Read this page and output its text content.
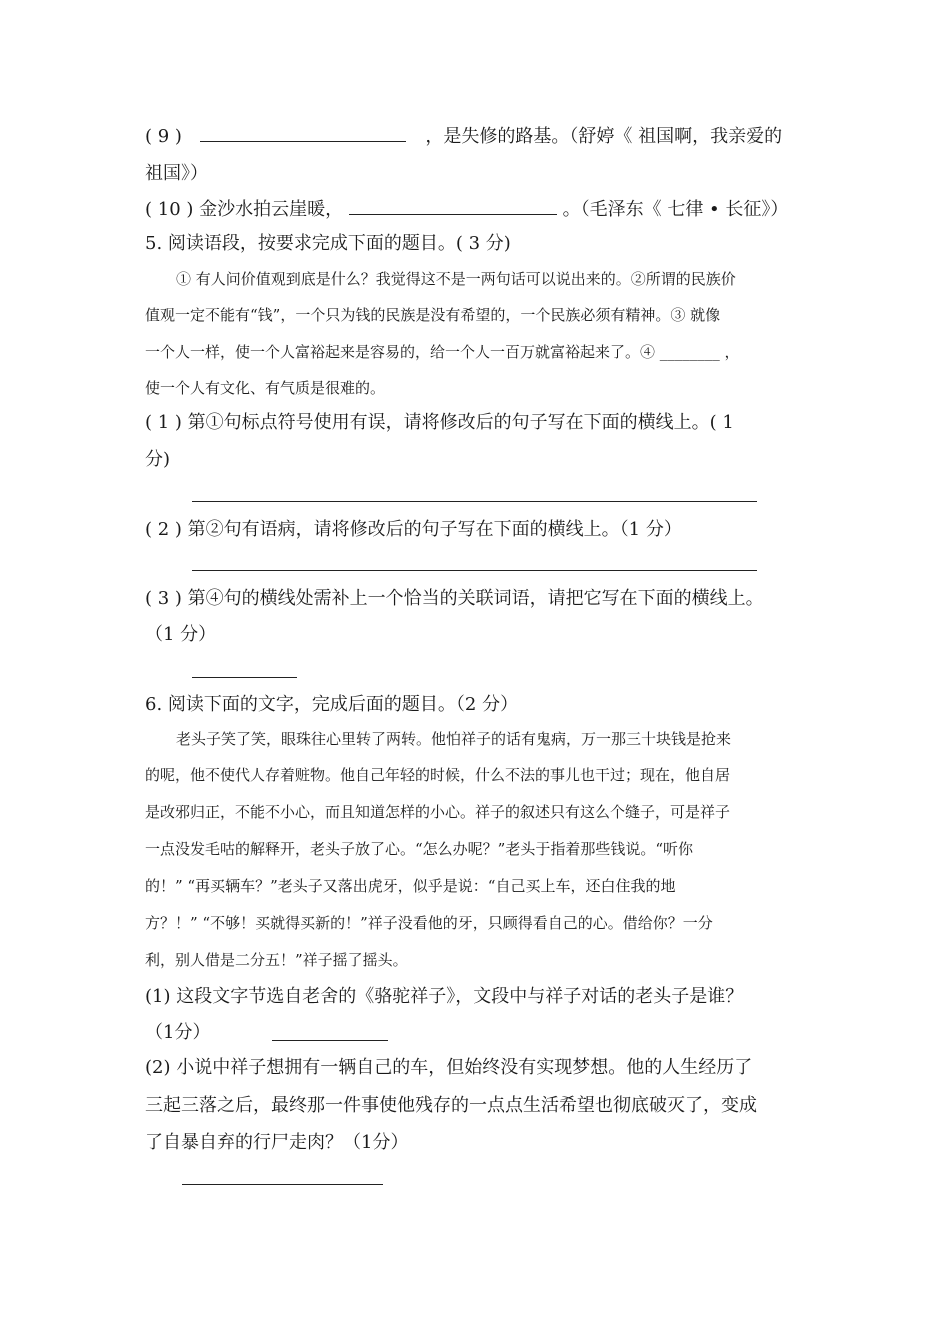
( 9 )	，是失修的路基。（舒婷《 祖国啊，我亲爱的
祖国》）
( 10 ) 金沙水拍云崖暖，	。（毛泽东《 七律 • 长征》）
5. 阅读语段，按要求完成下面的题目。( 3 分)
① 有人问价值观到底是什么？我觉得这不是一两句话可以说出来的。②所谓的民族价
值观一定不能有“钱”，一个只为钱的民族是没有希望的，一个民族必须有精神。③ 就像
一个人一样，使一个人富裕起来是容易的，给一个人一百万就富裕起来了。④ ________ ，
使一个人有文化、有气质是很难的。
( 1 ) 第①句标点符号使用有误，请将修改后的句子写在下面的横线上。( 1
分)
( 2 ) 第②句有语病，请将修改后的句子写在下面的横线上。（1 分）
( 3 ) 第④句的横线处需补上一个恰当的关联词语，请把它写在下面的横线上。
（1 分）
6. 阅读下面的文字，完成后面的题目。（2 分）
老头子笑了笑，眼珠往心里转了两转。他怕祥子的话有鬼病，万一那三十块钱是抢来
的呢，他不使代人存着赃物。他自己年轻的时候，什么不法的事儿也干过；现在，他自居
是改邪归正，不能不小心，而且知道怎样的小心。祥子的叙述只有这么个缝子，可是祥子
一点没发毛咕的解释开，老头子放了心。“怎么办呢？”老头于指着那些钱说。“听你
的！” “再买辆车？”老头子又落出虎牙，似乎是说：“自己买上车，还白住我的地
方？！” “不够！买就得买新的！”祥子没看他的牙，只顾得看自己的心。借给你？一分
利，别人借是二分五！”祥子摇了摇头。
(1) 这段文字节选自老舍的《骆驼祥子》，文段中与祥子对话的老头子是谁？
（1分）
(2) 小说中祥子想拥有一辆自己的车，但始终没有实现梦想。他的人生经历了
三起三落之后，最终那一件事使他残存的一点点生活希望也彻底破灭了，变成
了自暴自弃的行尸走肉？（1分）
